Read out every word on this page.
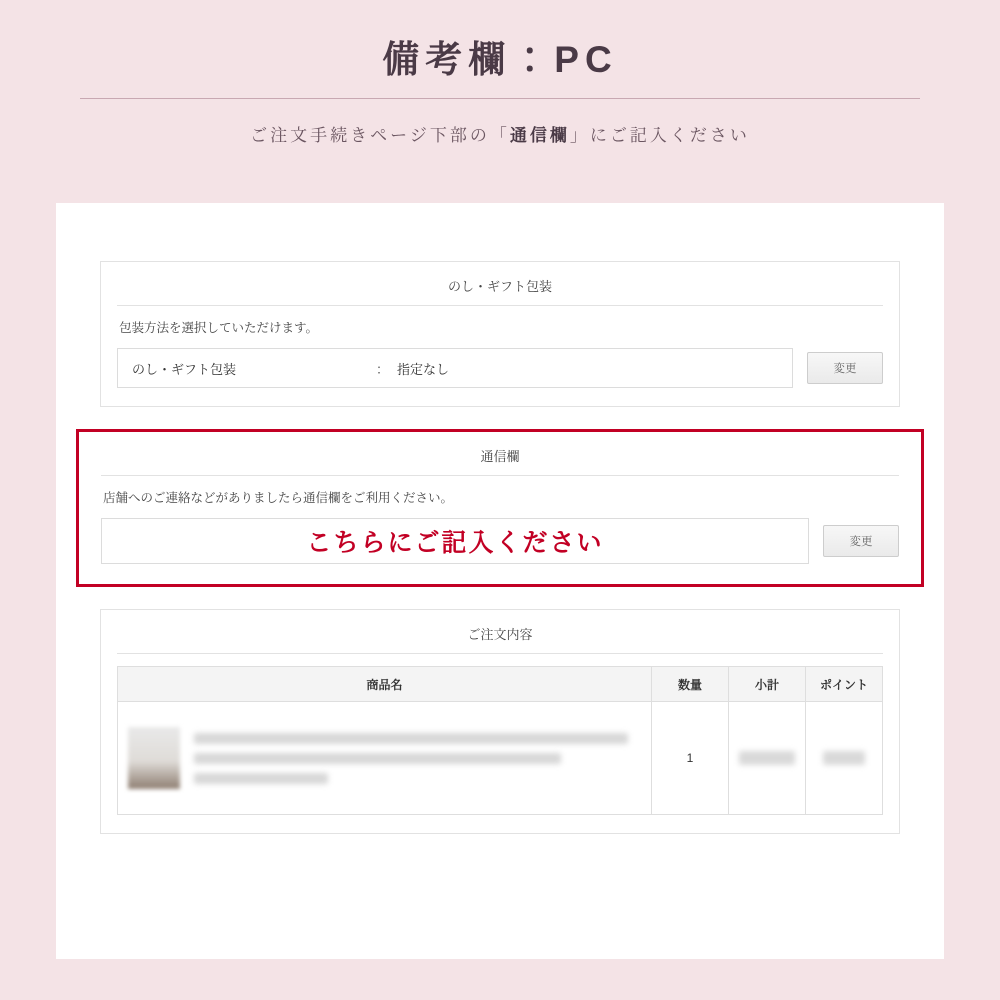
備考欄：PC
ご注文手続きページ下部の「通信欄」にご記入ください
のし・ギフト包装
包装方法を選択していただけます。
のし・ギフト包装	： 指定なし	変更
通信欄
店舗へのご連絡などがありましたら通信欄をご利用ください。
こちらにご記入ください	変更
ご注文内容
商品名	数量	小計	ポイント

	1	
